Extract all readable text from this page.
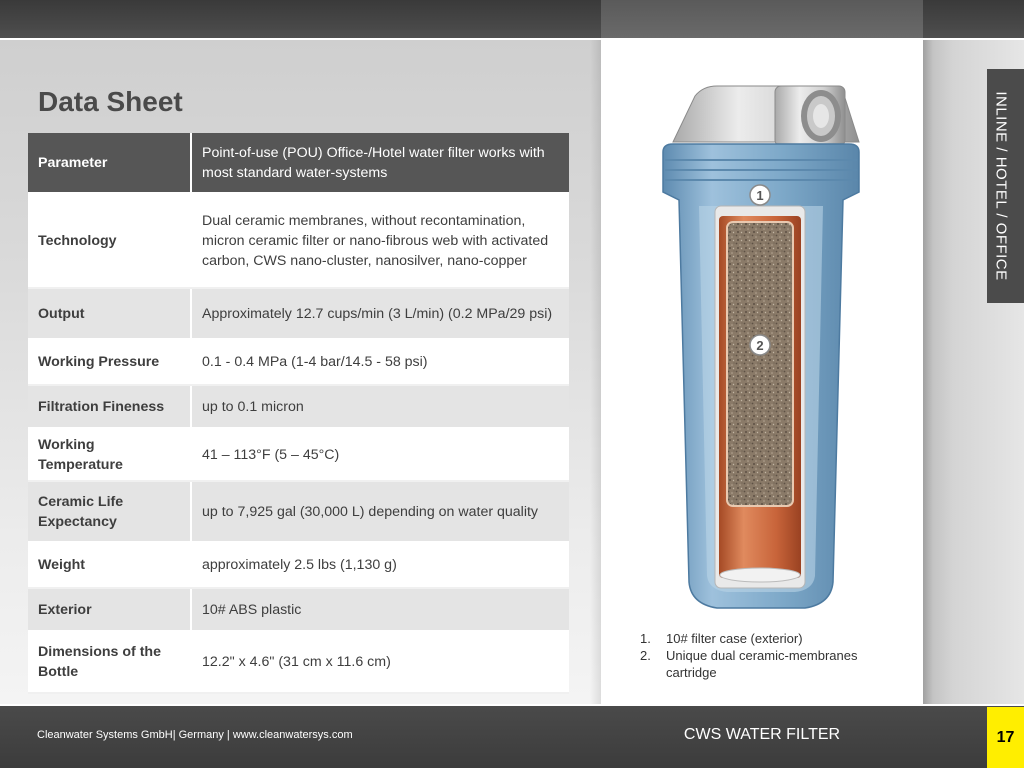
INLINE / HOTEL / OFFICE
Data Sheet
Parameter	Point-of-use (POU) Office-/Hotel water filter works with most standard water-systems
Technology	Dual ceramic membranes, without recontamination, micron ceramic filter or nano-fibrous web with activated carbon, CWS nano-cluster, nanosilver, nano-copper
Output	Approximately 12.7 cups/min (3 L/min) (0.2 MPa/29 psi)
Working Pressure	0.1 - 0.4 MPa (1-4 bar/14.5 - 58 psi)
Filtration Fineness	up to 0.1 micron
Working Temperature	41 – 113°F (5 – 45°C)
Ceramic Life Expectancy	up to 7,925 gal (30,000 L) depending on water quality
Weight	approximately 2.5 lbs (1,130 g)
Exterior	10# ABS plastic
Dimensions of the Bottle	12.2" x 4.6" (31 cm x 11.6 cm)
1
2
1. 10# filter case (exterior)
2. Unique dual ceramic-membranes cartridge
Cleanwater Systems GmbH| Germany | www.cleanwatersys.com	CWS WATER FILTER	17
